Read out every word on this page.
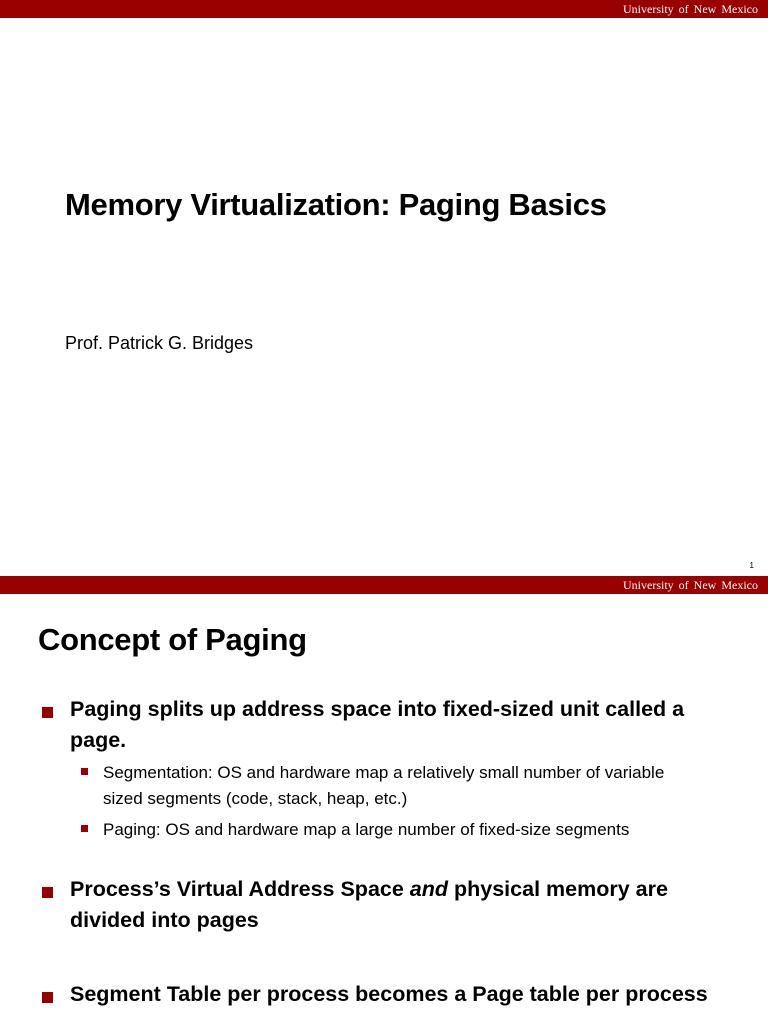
University of New Mexico
Memory Virtualization: Paging Basics
Prof. Patrick G. Bridges
1
University of New Mexico
Concept of Paging
Paging splits up address space into fixed-sized unit called a page.
Segmentation: OS and hardware map a relatively small number of variable sized segments (code, stack, heap, etc.)
Paging: OS and hardware map a large number of fixed-size segments
Process’s Virtual Address Space and physical memory are divided into pages
Segment Table per process becomes a Page table per process
